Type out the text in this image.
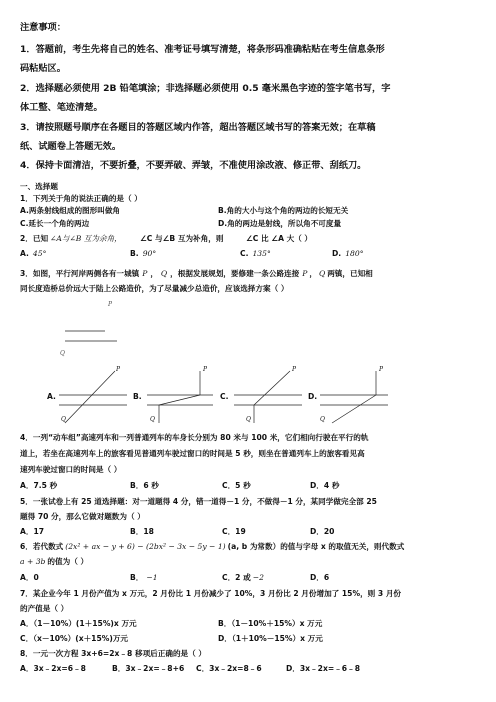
注意事项：
1．答题前，考生先将自己的姓名、准考证号填写清楚，将条形码准确粘贴在考生信息条形
码粘贴区。
2．选择题必须使用 2B 铅笔填涂；非选择题必须使用 0.5 毫米黑色字迹的签字笔书写，字
体工整、笔迹清楚。
3．请按照题号顺序在各题目的答题区域内作答，超出答题区域书写的答案无效；在草稿
纸、试题卷上答题无效。
4．保持卡面清洁，不要折叠，不要弄破、弄皱，不准使用涂改液、修正带、刮纸刀。
一、选择题
1．下列关于角的说法正确的是（ ）
A.两条射线组成的图形叫做角	B.角的大小与这个角的两边的长短无关
C.延长一个角的两边	D.角的两边是射线，所以角不可度量
2．已知 ∠A与∠B 互为余角， ∠C 与∠B 互为补角，则	∠C 比 ∠A 大（ ）
A. 45°	B. 90°	C. 135°	D. 180°
3．如图，平行河岸两侧各有一城镇 P ， Q ，根据发展规划，要修建一条公路连接 P ， Q 两镇，已知相
同长度造桥总价远大于陆上公路造价，为了尽量减少总造价，应该选择方案（ ）
P
Q
A.
P
Q
B.
P
Q
C.
P
Q
D.
P
Q
4．一列“动车组”高速列车和一列普通列车的车身长分别为 80 米与 100 米，它们相向行驶在平行的轨
道上，若坐在高速列车上的旅客看见普通列车驶过窗口的时间是 5 秒，则坐在普通列车上的旅客看见高
速列车驶过窗口的时间是（ ）
A．7.5 秒	B．6 秒	C．5 秒	D．4 秒
5．一张试卷上有 25 道选择题：对一道题得 4 分，错一道得－1 分，不做得－1 分，某同学做完全部 25
题得 70 分，那么它做对题数为（ ）
A．17	B．18	C．19	D．20
6．若代数式 (2x² + ax − y + 6) − (2bx² − 3x − 5y − 1) (a, b 为常数）的值与字母 x 的取值无关，则代数式
a + 3b 的值为（ ）
A．0	B． −1	C．2 或 −2	D．6
7．某企业今年 1 月份产值为 x 万元，2 月份比 1 月份减少了 10%，3 月份比 2 月份增加了 15%，则 3 月份
的产值是（ ）
A．（1－10%）(1＋15%)x 万元	B．（1－10%＋15%）x 万元
C．（x－10%）(x＋15%)万元	D．（1＋10%－15%）x 万元
8．一元一次方程 3x+6=2x﹣8 移项后正确的是（ ）
A．3x﹣2x=6﹣8	B．3x﹣2x=﹣8+6 C．3x﹣2x=8﹣6	D．3x﹣2x=﹣6﹣8
